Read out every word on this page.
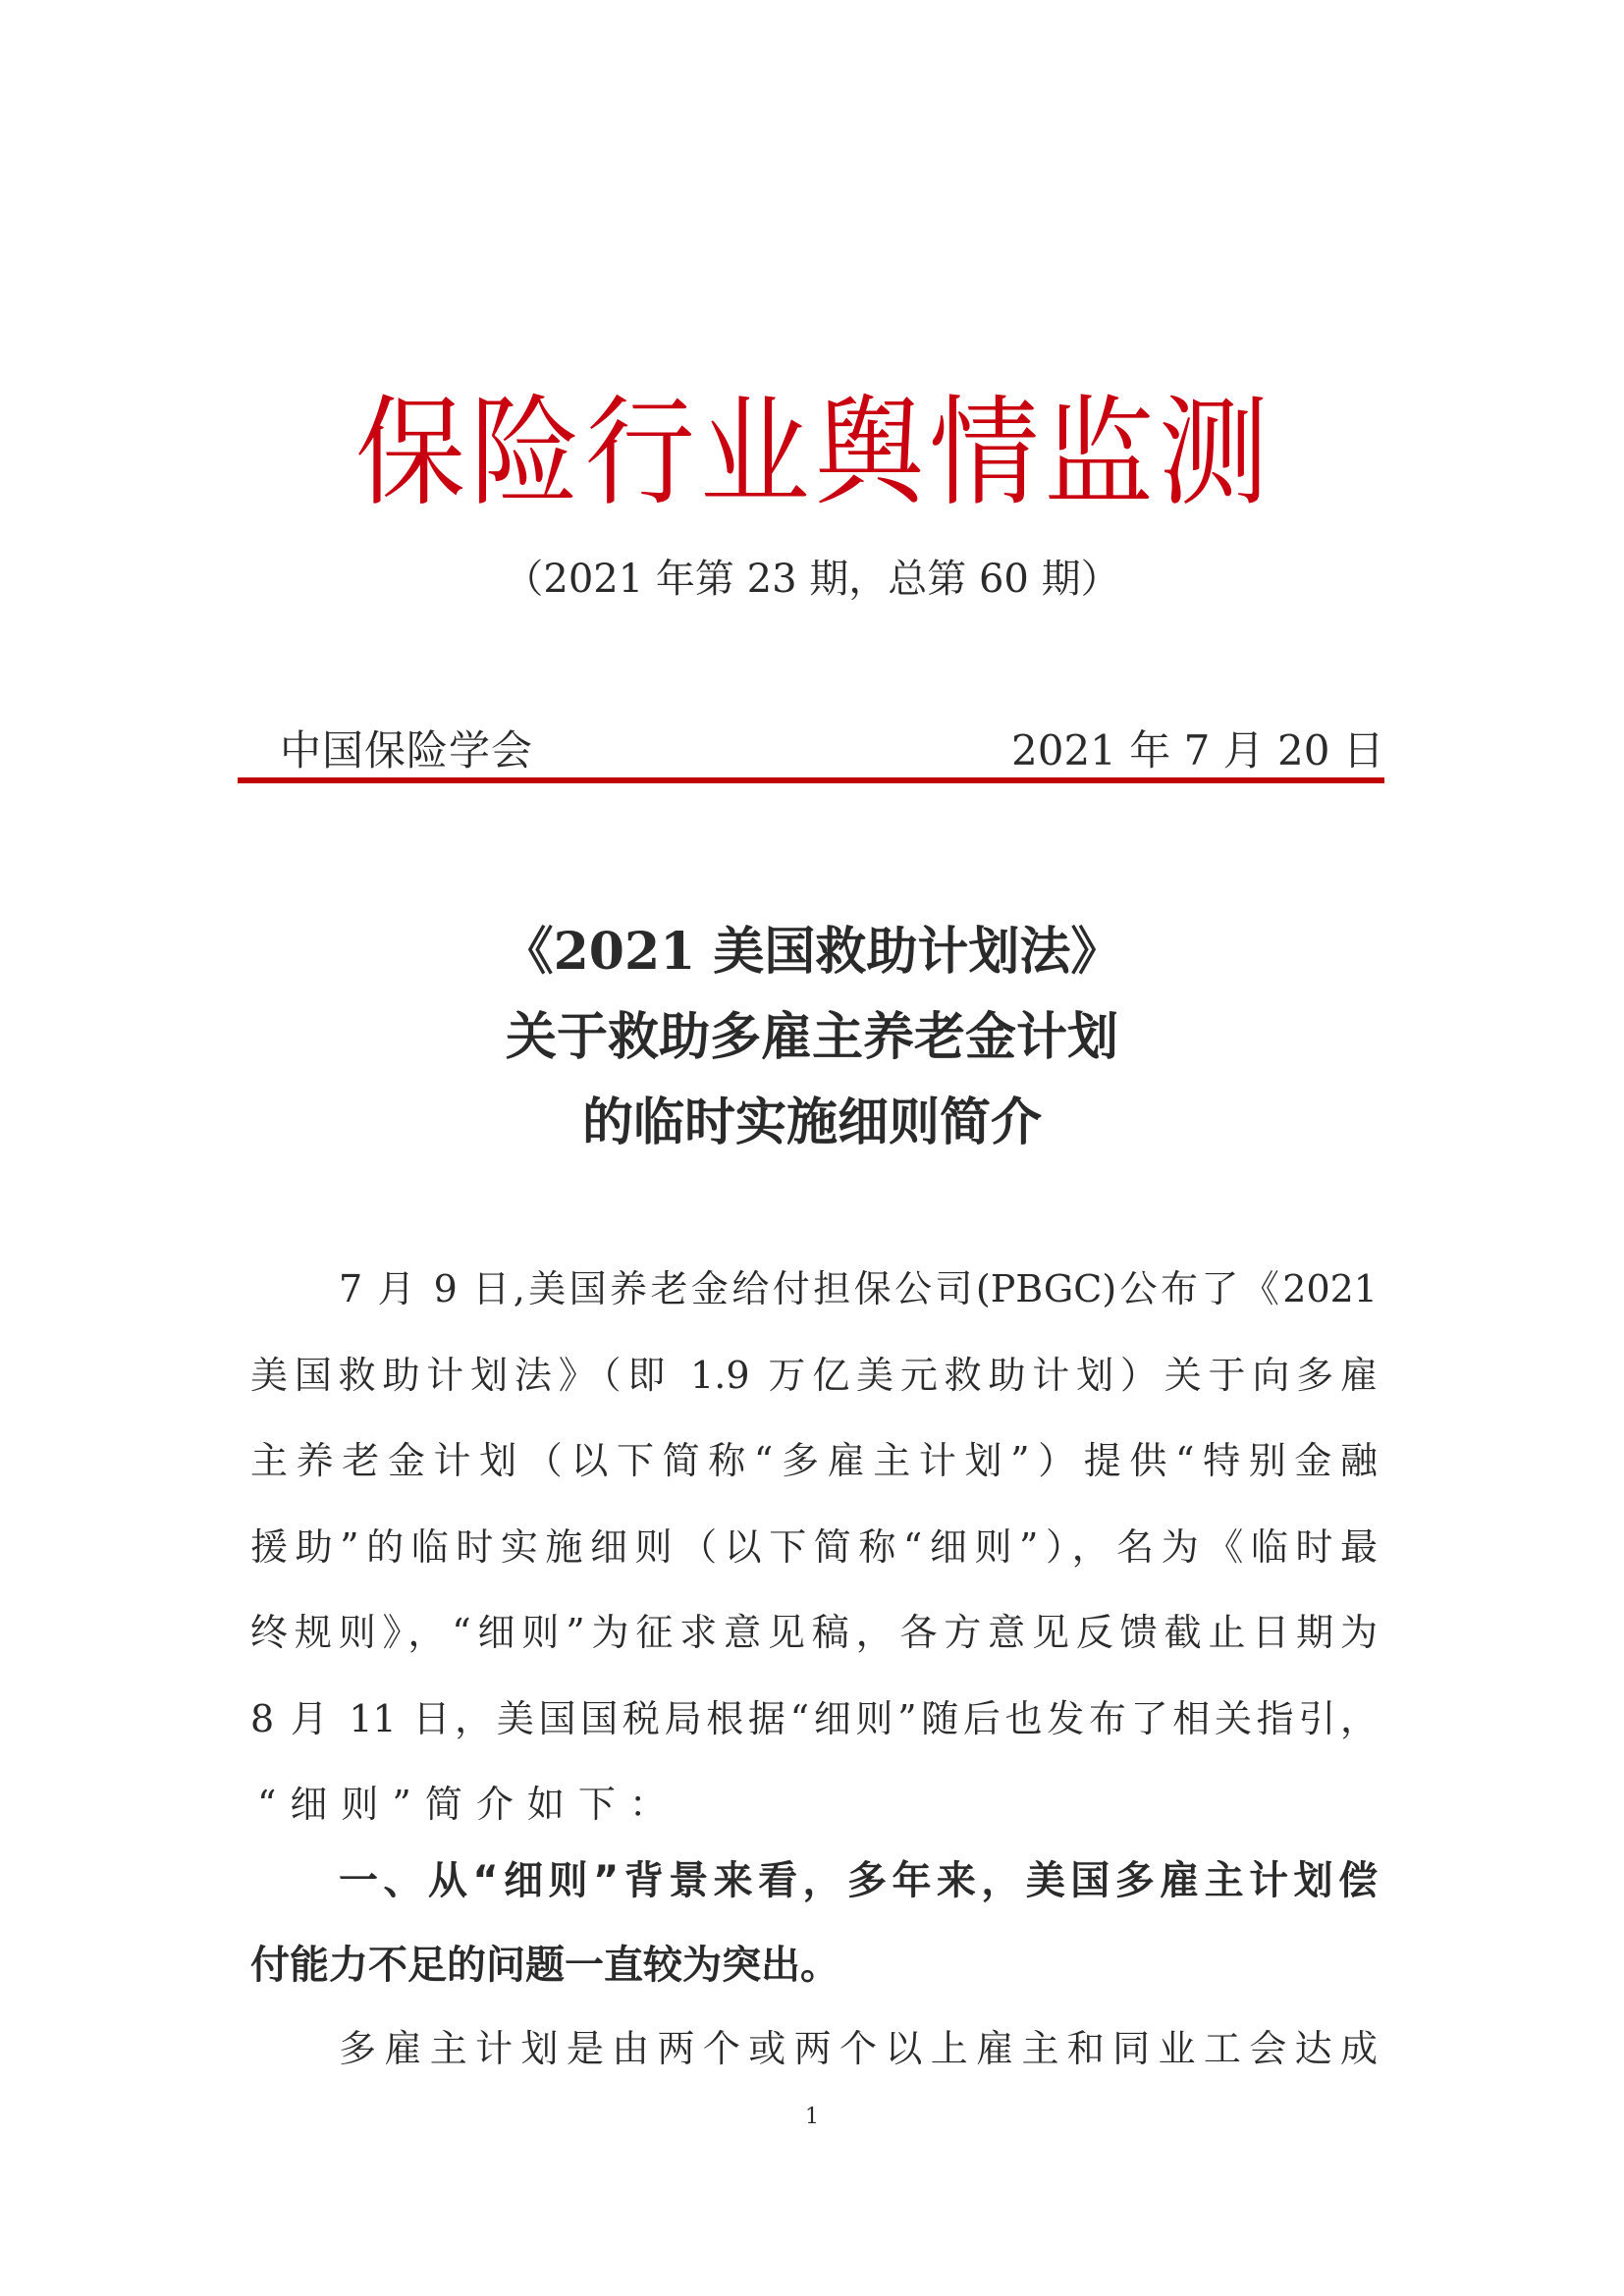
保险行业舆情监测
（2021 年第 23 期，总第 60 期）
中国保险学会	2021 年 7 月 20 日
《2021 美国救助计划法》
关于救助多雇主养老金计划
的临时实施细则简介

7 月 9 日,美国养老金给付担保公司(PBGC)公布了《2021

美国救助计划法》（即 1.9 万亿美元救助计划）关于向多雇

主养老金计划（以下简称“多雇主计划”）提供“特别金融

援助”的临时实施细则（以下简称“细则”），名为《临时最

终规则》，“细则”为征求意见稿，各方意见反馈截止日期为

8 月 11 日，美国国税局根据“细则”随后也发布了相关指引，

“细则”简介如下：

一、从“细则”背景来看，多年来，美国多雇主计划偿

付能力不足的问题一直较为突出。

多雇主计划是由两个或两个以上雇主和同业工会达成

1
